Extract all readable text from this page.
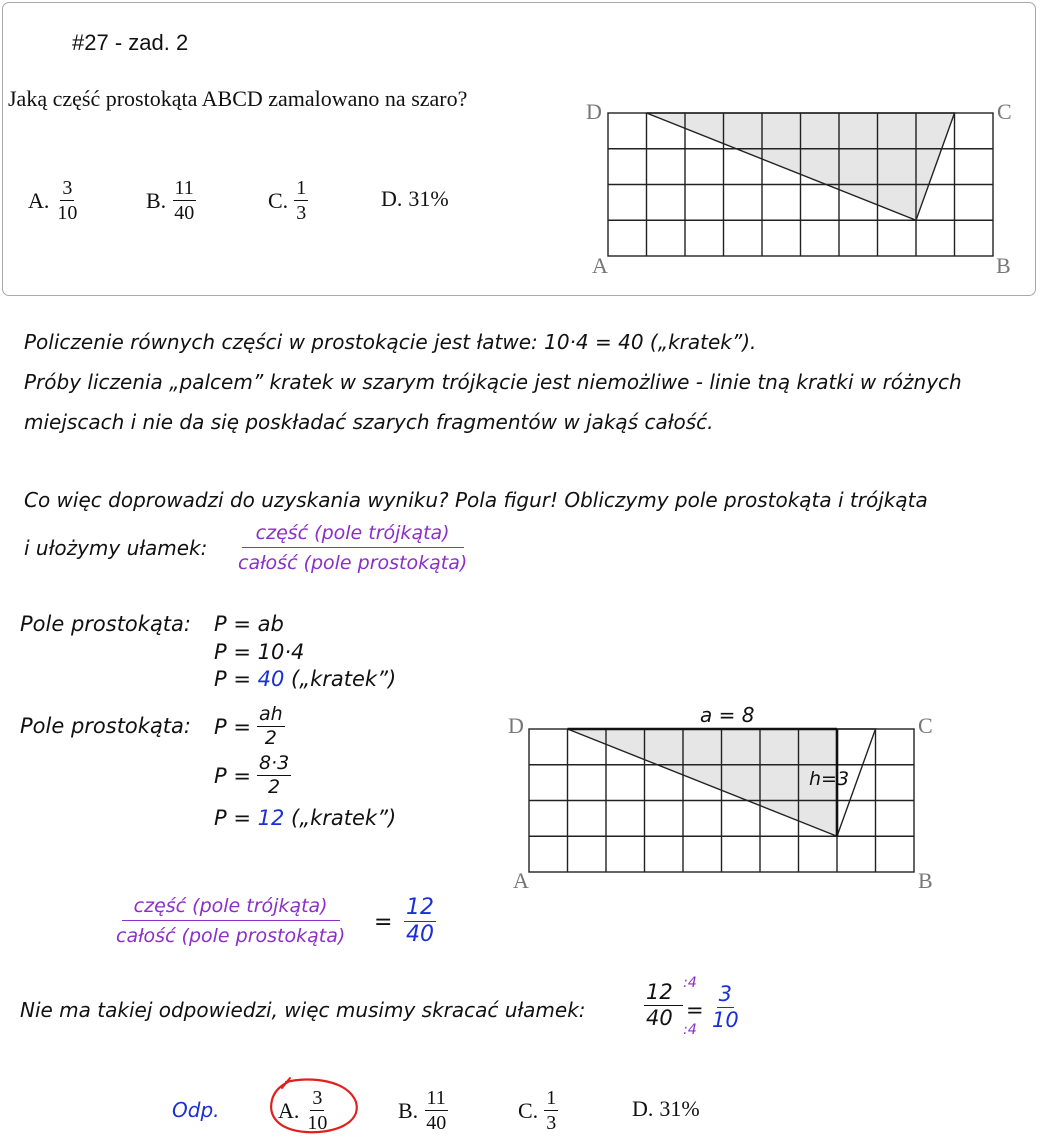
#27 - zad. 2
Jaką część prostokąta ABCD zamalowano na szaro?
A. $\frac{3}{10}$	B. $\frac{11}{40}$	C. $\frac{1}{3}$	D. 31%
D	C
A	B
Policzenie równych części w prostokącie jest łatwe: 10·4 = 40 („kratek”).
Próby liczenia „palcem” kratek w szarym trójkącie jest niemożliwe - linie tną kratki w różnych
miejscach i nie da się poskładać szarych fragmentów w jakąś całość.
Co więc doprowadzi do uzyskania wyniku? Pola figur! Obliczymy pole prostokąta i trójkąta
i ułożymy ułamek: $\frac{\text{część (pole trójkąta)}}{\text{całość (pole prostokąta)}}$
Pole prostokąta: P = ab
P = 10·4
P = 40 („kratek”)
Pole prostokąta: $P = \frac{ah}{2}$
$P = \frac{8\cdot 3}{2}$
P = 12 („kratek”)
a = 8
h=3
D	C
A	B
$\frac{\text{część (pole trójkąta)}}{\text{całość (pole prostokąta)}} = \frac{12}{40}$
Nie ma takiej odpowiedzi, więc musimy skracać ułamek:	$\frac{12 :4}{40 :4} = \frac{3}{10}$
Odp.	A. $\frac{3}{10}$	B. $\frac{11}{40}$	C. $\frac{1}{3}$	D. 31%
